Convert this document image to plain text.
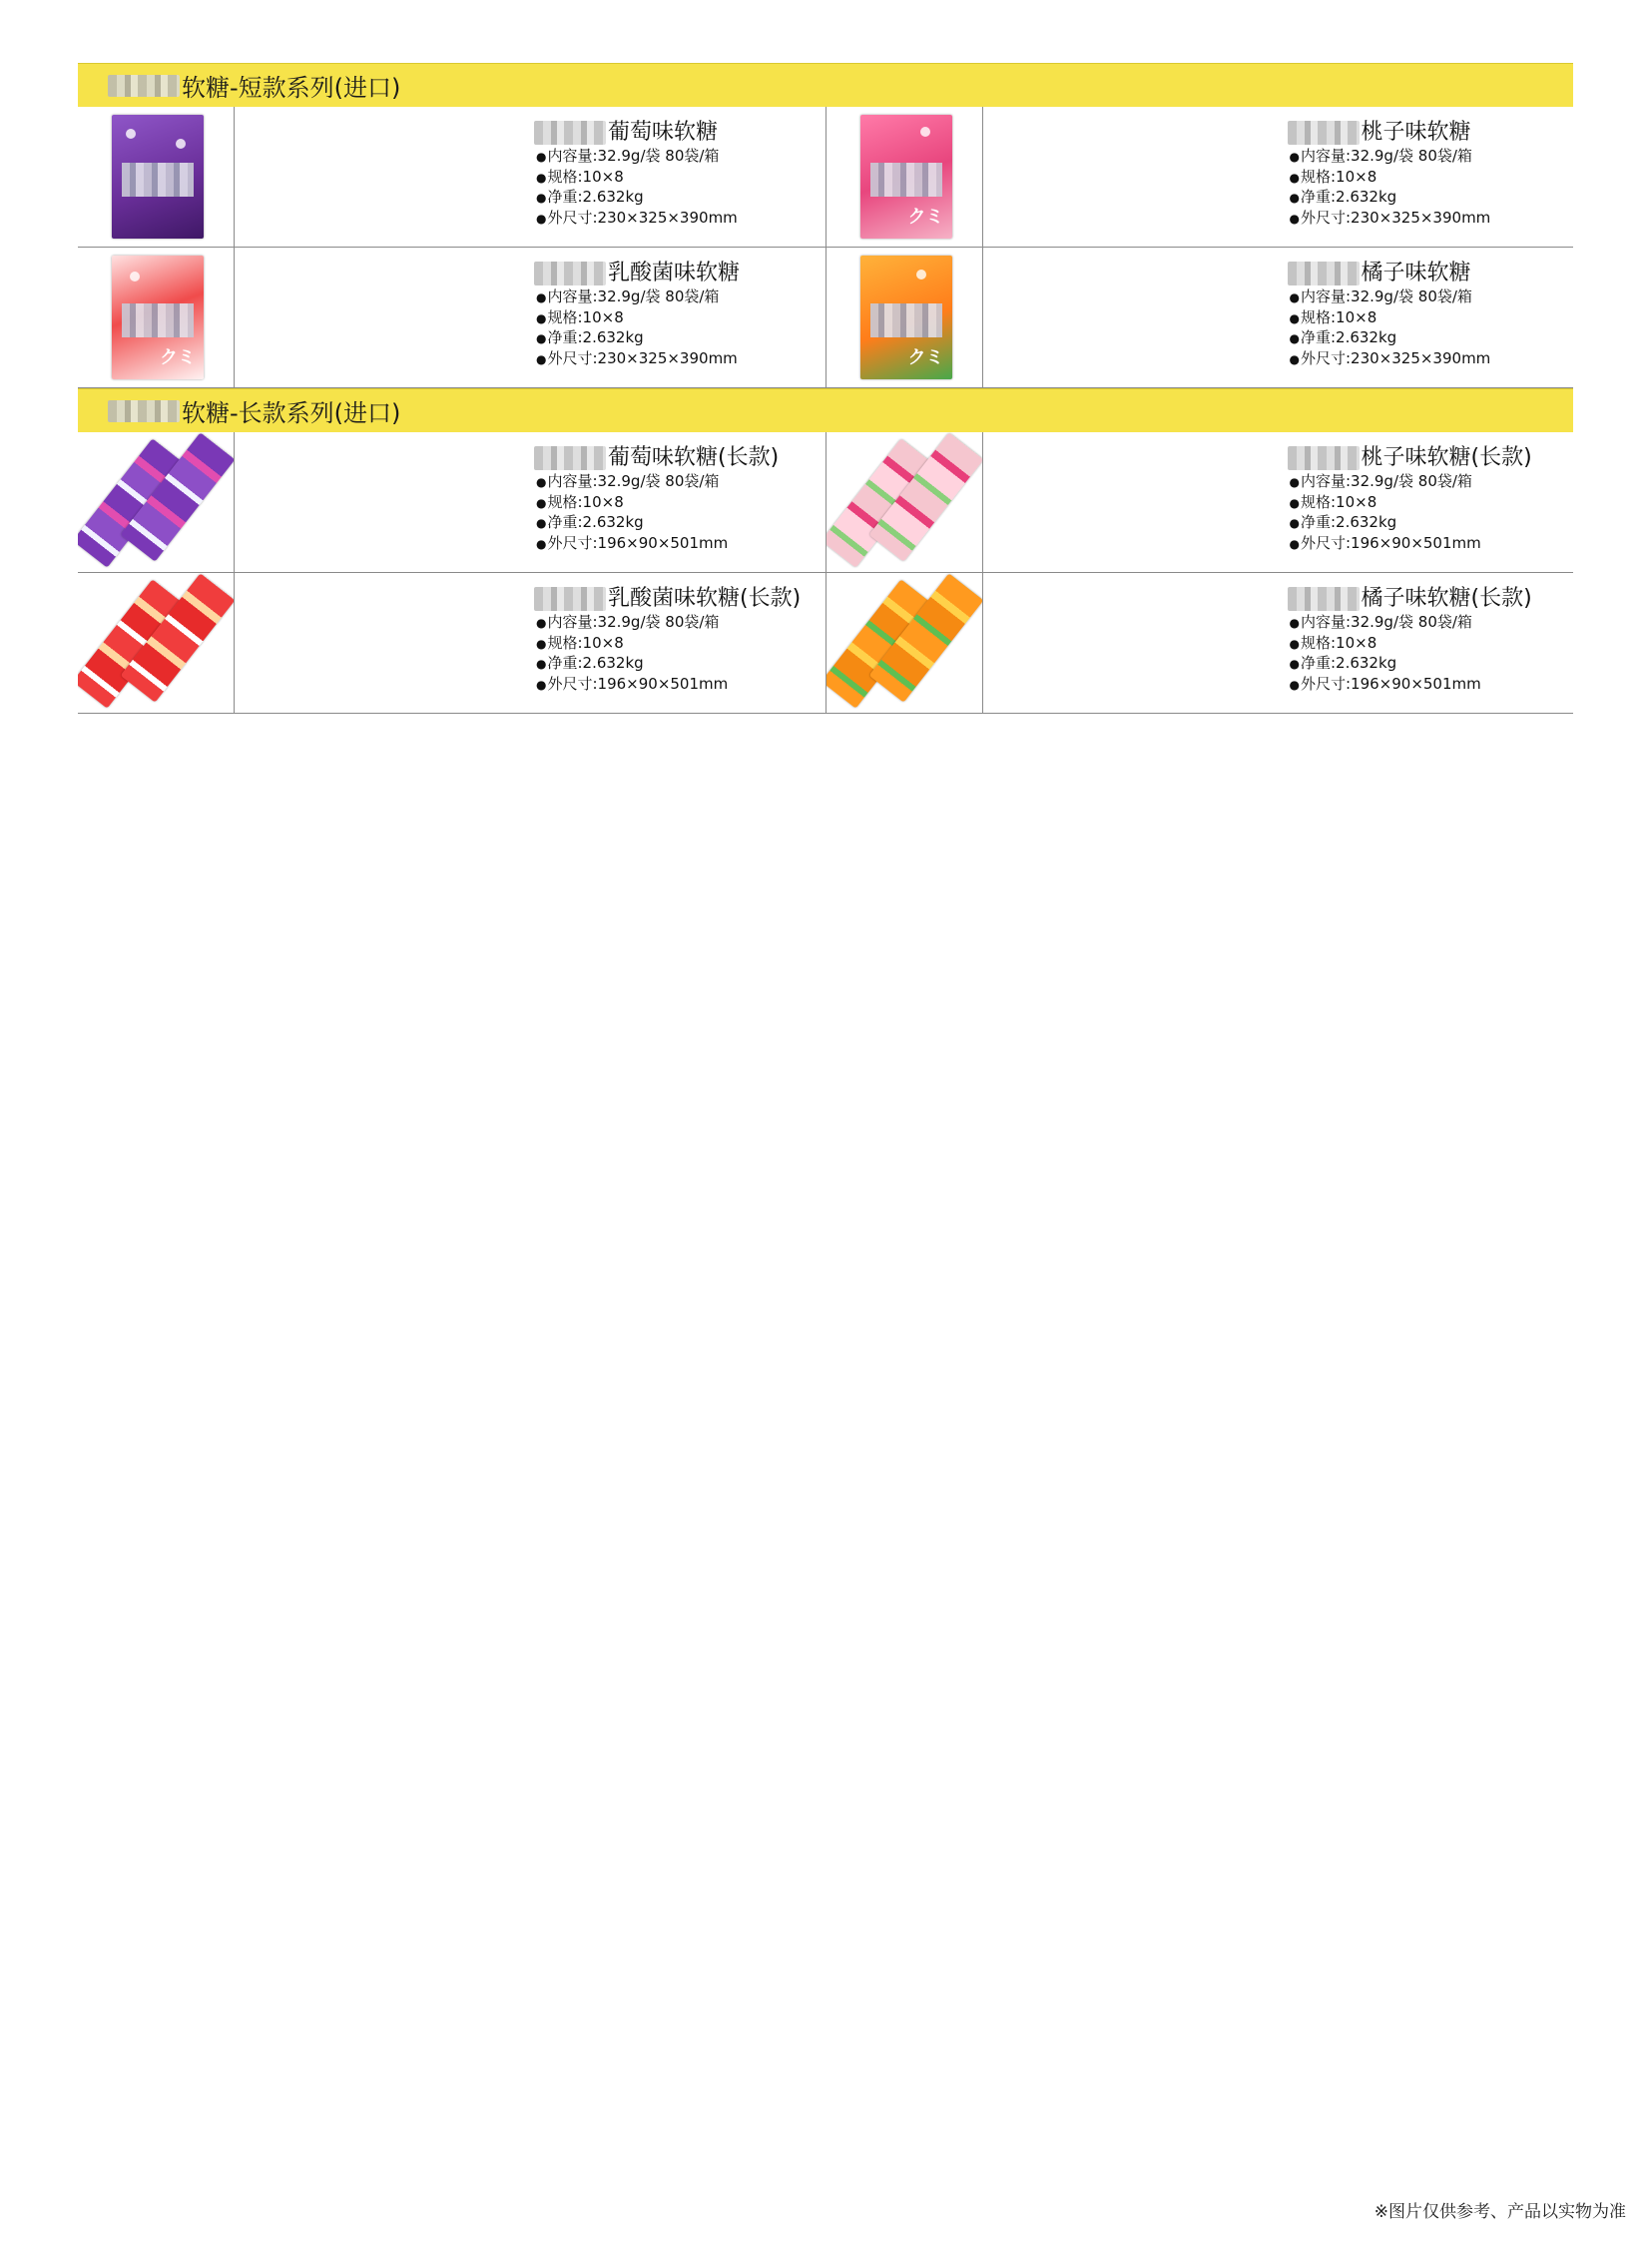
软糖-短款系列(进口)
葡萄味软糖
● 内容量:32.9g/袋 80袋/箱
● 规格:10×8
● 净重:2.632kg
● 外尺寸:230×325×390mm	クミ
桃子味软糖
● 内容量:32.9g/袋 80袋/箱
● 规格:10×8
● 净重:2.632kg
● 外尺寸:230×325×390mm
クミ
乳酸菌味软糖
● 内容量:32.9g/袋 80袋/箱
● 规格:10×8
● 净重:2.632kg
● 外尺寸:230×325×390mm	クミ
橘子味软糖
● 内容量:32.9g/袋 80袋/箱
● 规格:10×8
● 净重:2.632kg
● 外尺寸:230×325×390mm
软糖-长款系列(进口)
葡萄味软糖(长款)
● 内容量:32.9g/袋 80袋/箱
● 规格:10×8
● 净重:2.632kg
● 外尺寸:196×90×501mm
桃子味软糖(长款)
● 内容量:32.9g/袋 80袋/箱
● 规格:10×8
● 净重:2.632kg
● 外尺寸:196×90×501mm
乳酸菌味软糖(长款)
● 内容量:32.9g/袋 80袋/箱
● 规格:10×8
● 净重:2.632kg
● 外尺寸:196×90×501mm
橘子味软糖(长款)
● 内容量:32.9g/袋 80袋/箱
● 规格:10×8
● 净重:2.632kg
● 外尺寸:196×90×501mm
※图片仅供参考、产品以实物为准
